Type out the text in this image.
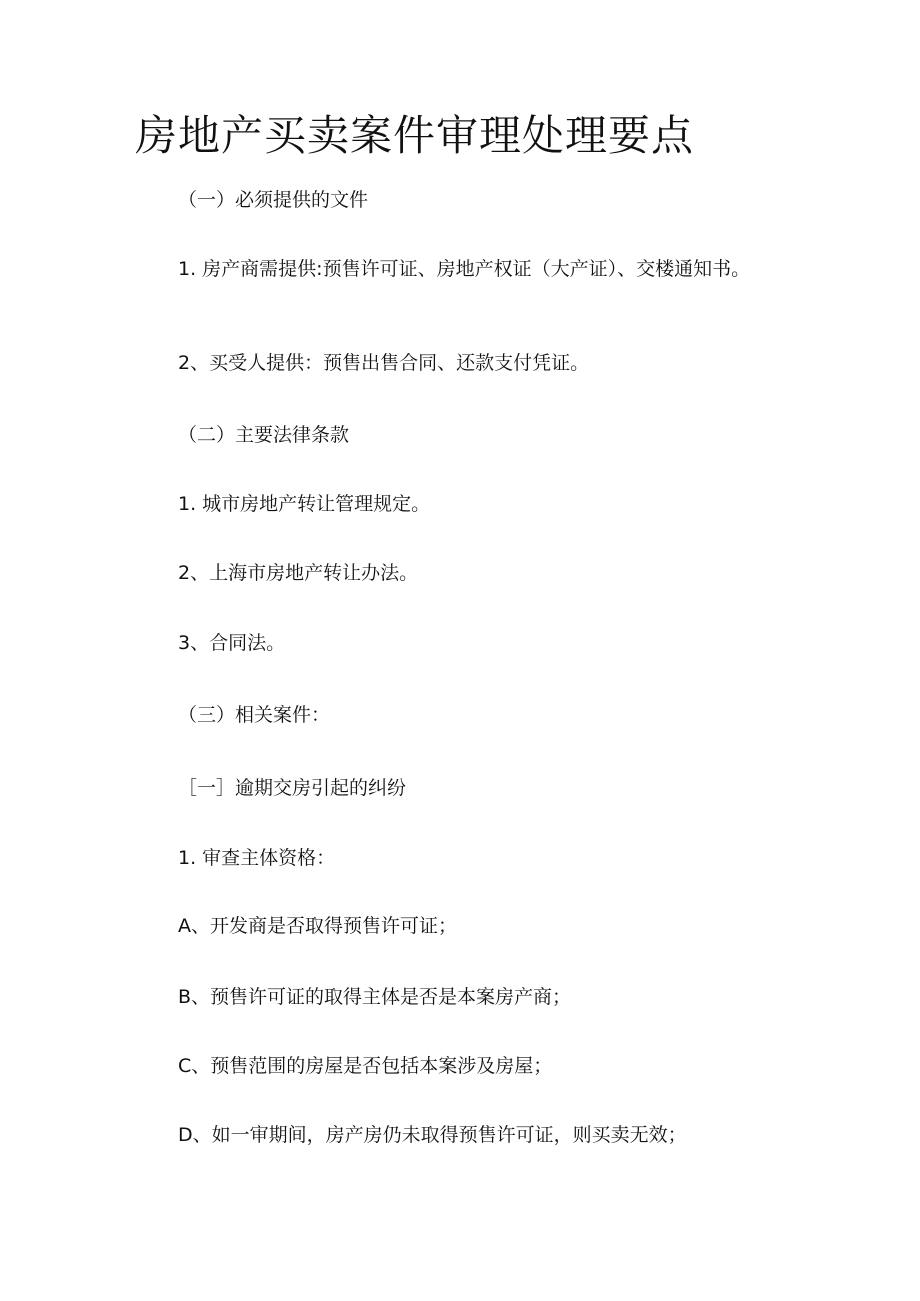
房地产买卖案件审理处理要点

（一）必须提供的文件

1. 房产商需提供:预售许可证、房地产权证（大产证）、交楼通知书。

2、买受人提供：预售出售合同、还款支付凭证。

（二）主要法律条款

1. 城市房地产转让管理规定。

2、上海市房地产转让办法。

3、合同法。

（三）相关案件：

［一］逾期交房引起的纠纷

1. 审查主体资格：

A、开发商是否取得预售许可证；

B、预售许可证的取得主体是否是本案房产商；

C、预售范围的房屋是否包括本案涉及房屋；

D、如一审期间，房产房仍未取得预售许可证，则买卖无效；
